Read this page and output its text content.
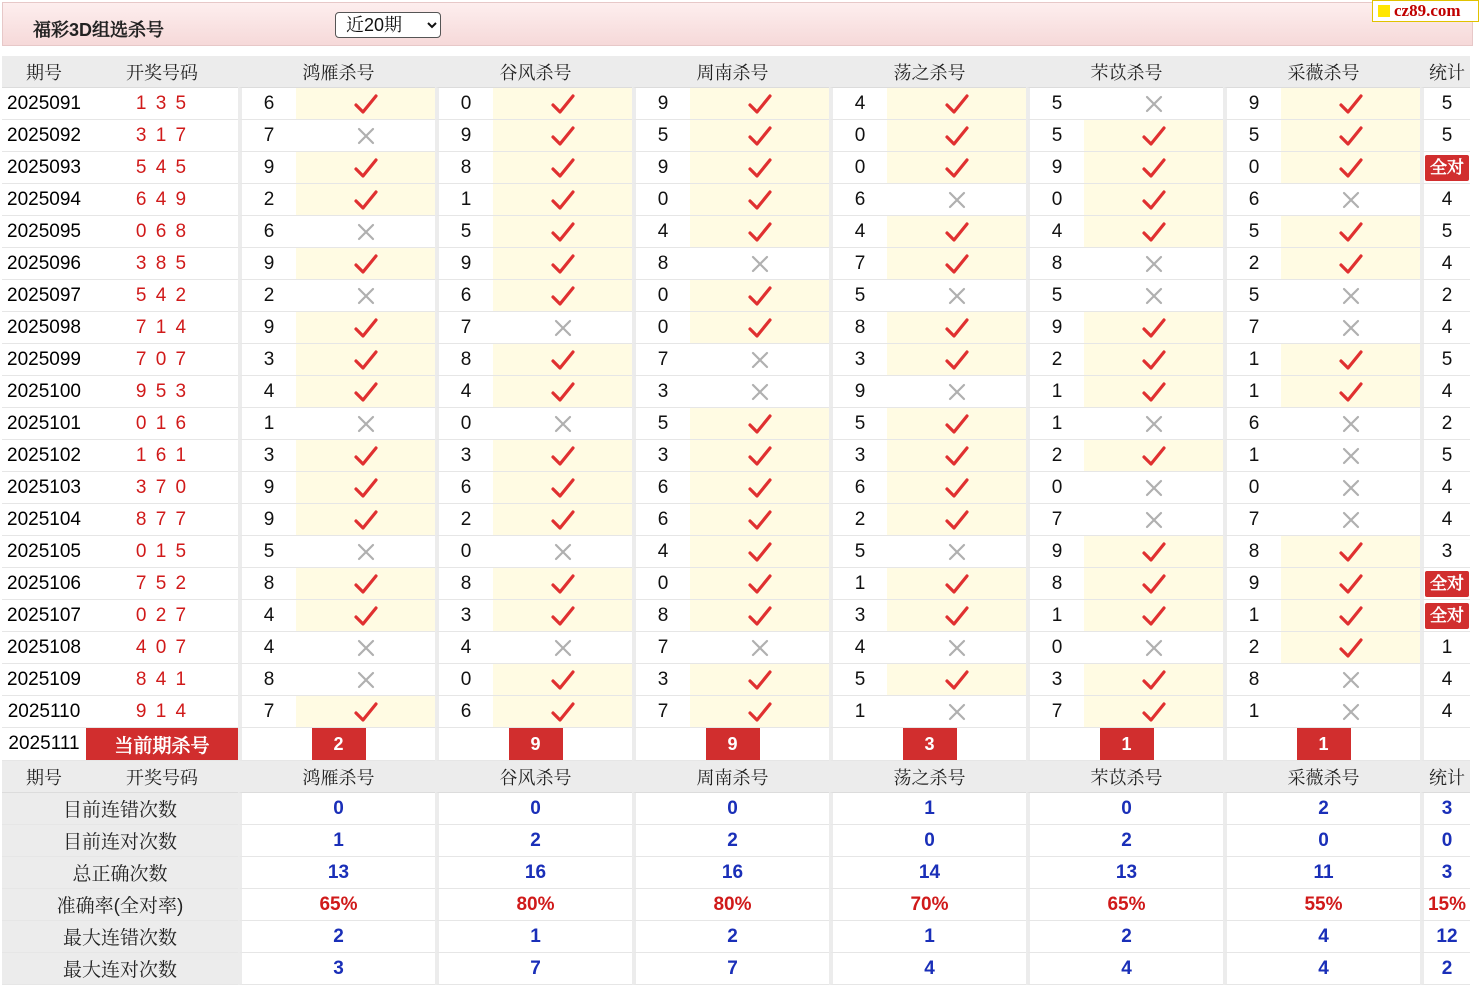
福彩3D组选杀号
近20期
cz89.com
期号	开奖号码	鸿雁杀号		谷风杀号		周南杀号		荡之杀号		芣苡杀号		采薇杀号		统计
2025091	1 3 5	6		0		9		4		5		9		5
2025092	3 1 7	7		9		5		0		5		5		5
2025093	5 4 5	9		8		9		0		9		0		全对
2025094	6 4 9	2		1		0		6		0		6		4
2025095	0 6 8	6		5		4		4		4		5		5
2025096	3 8 5	9		9		8		7		8		2		4
2025097	5 4 2	2		6		0		5		5		5		2
2025098	7 1 4	9		7		0		8		9		7		4
2025099	7 0 7	3		8		7		3		2		1		5
2025100	9 5 3	4		4		3		9		1		1		4
2025101	0 1 6	1		0		5		5		1		6		2
2025102	1 6 1	3		3		3		3		2		1		5
2025103	3 7 0	9		6		6		6		0		0		4
2025104	8 7 7	9		2		6		2		7		7		4
2025105	0 1 5	5		0		4		5		9		8		3
2025106	7 5 2	8		8		0		1		8		9		全对
2025107	0 2 7	4		3		8		3		1		1		全对
2025108	4 0 7	4		4		7		4		0		2		1
2025109	8 4 1	8		0		3		5		3		8		4
2025110	9 1 4	7		6		7		1		7		1		4
2025111	当前期杀号	2		9		9		3		1		1		
期号	开奖号码	鸿雁杀号		谷风杀号		周南杀号		荡之杀号		芣苡杀号		采薇杀号		统计
目前连错次数		0		0		0		1		0		2		3
目前连对次数		1		2		2		0		2		0		0
总正确次数		13		16		16		14		13		11		3
准确率(全对率)		65%		80%		80%		70%		65%		55%		15%
最大连错次数		2		1		2		1		2		4		12
最大连对次数		3		7		7		4		4		4		2
